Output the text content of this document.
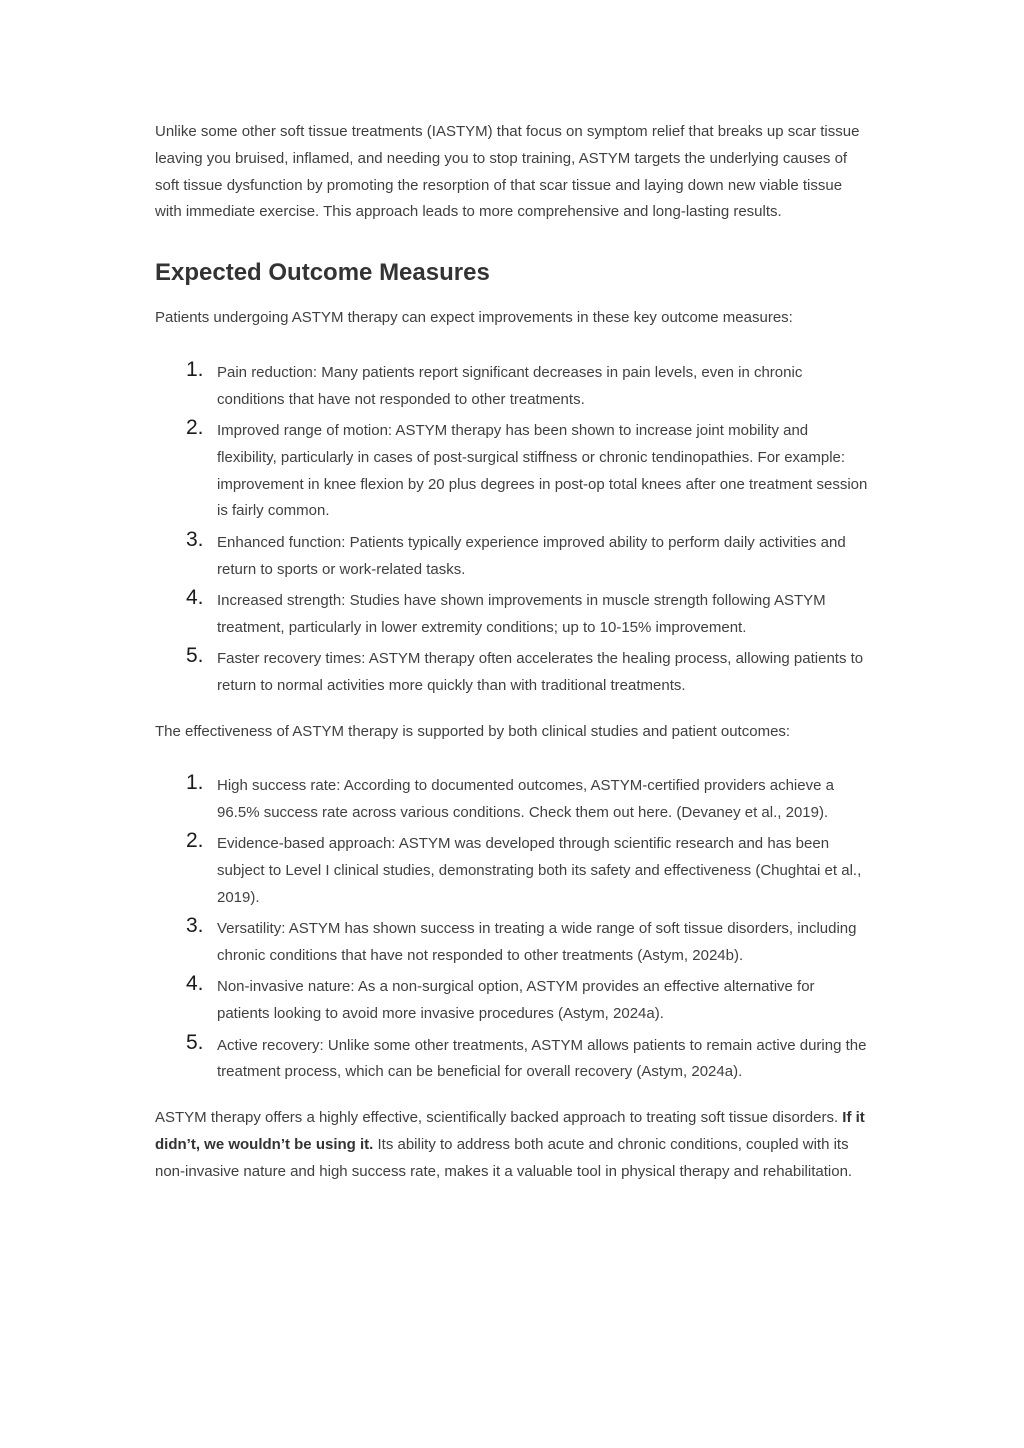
Unlike some other soft tissue treatments (IASTYM) that focus on symptom relief that breaks up scar tissue leaving you bruised, inflamed, and needing you to stop training, ASTYM targets the underlying causes of soft tissue dysfunction by promoting the resorption of that scar tissue and laying down new viable tissue with immediate exercise. This approach leads to more comprehensive and long-lasting results.

Expected Outcome Measures

Patients undergoing ASTYM therapy can expect improvements in these key outcome measures:

1. Pain reduction: Many patients report significant decreases in pain levels, even in chronic conditions that have not responded to other treatments.
2. Improved range of motion: ASTYM therapy has been shown to increase joint mobility and flexibility, particularly in cases of post-surgical stiffness or chronic tendinopathies. For example: improvement in knee flexion by 20 plus degrees in post-op total knees after one treatment session is fairly common.
3. Enhanced function: Patients typically experience improved ability to perform daily activities and return to sports or work-related tasks.
4. Increased strength: Studies have shown improvements in muscle strength following ASTYM treatment, particularly in lower extremity conditions; up to 10-15% improvement.
5. Faster recovery times: ASTYM therapy often accelerates the healing process, allowing patients to return to normal activities more quickly than with traditional treatments.

The effectiveness of ASTYM therapy is supported by both clinical studies and patient outcomes:

1. High success rate: According to documented outcomes, ASTYM-certified providers achieve a 96.5% success rate across various conditions. Check them out here. (Devaney et al., 2019).
2. Evidence-based approach: ASTYM was developed through scientific research and has been subject to Level I clinical studies, demonstrating both its safety and effectiveness (Chughtai et al., 2019).
3. Versatility: ASTYM has shown success in treating a wide range of soft tissue disorders, including chronic conditions that have not responded to other treatments (Astym, 2024b).
4. Non-invasive nature: As a non-surgical option, ASTYM provides an effective alternative for patients looking to avoid more invasive procedures (Astym, 2024a).
5. Active recovery: Unlike some other treatments, ASTYM allows patients to remain active during the treatment process, which can be beneficial for overall recovery (Astym, 2024a).

ASTYM therapy offers a highly effective, scientifically backed approach to treating soft tissue disorders. If it didn’t, we wouldn’t be using it. Its ability to address both acute and chronic conditions, coupled with its non-invasive nature and high success rate, makes it a valuable tool in physical therapy and rehabilitation.
